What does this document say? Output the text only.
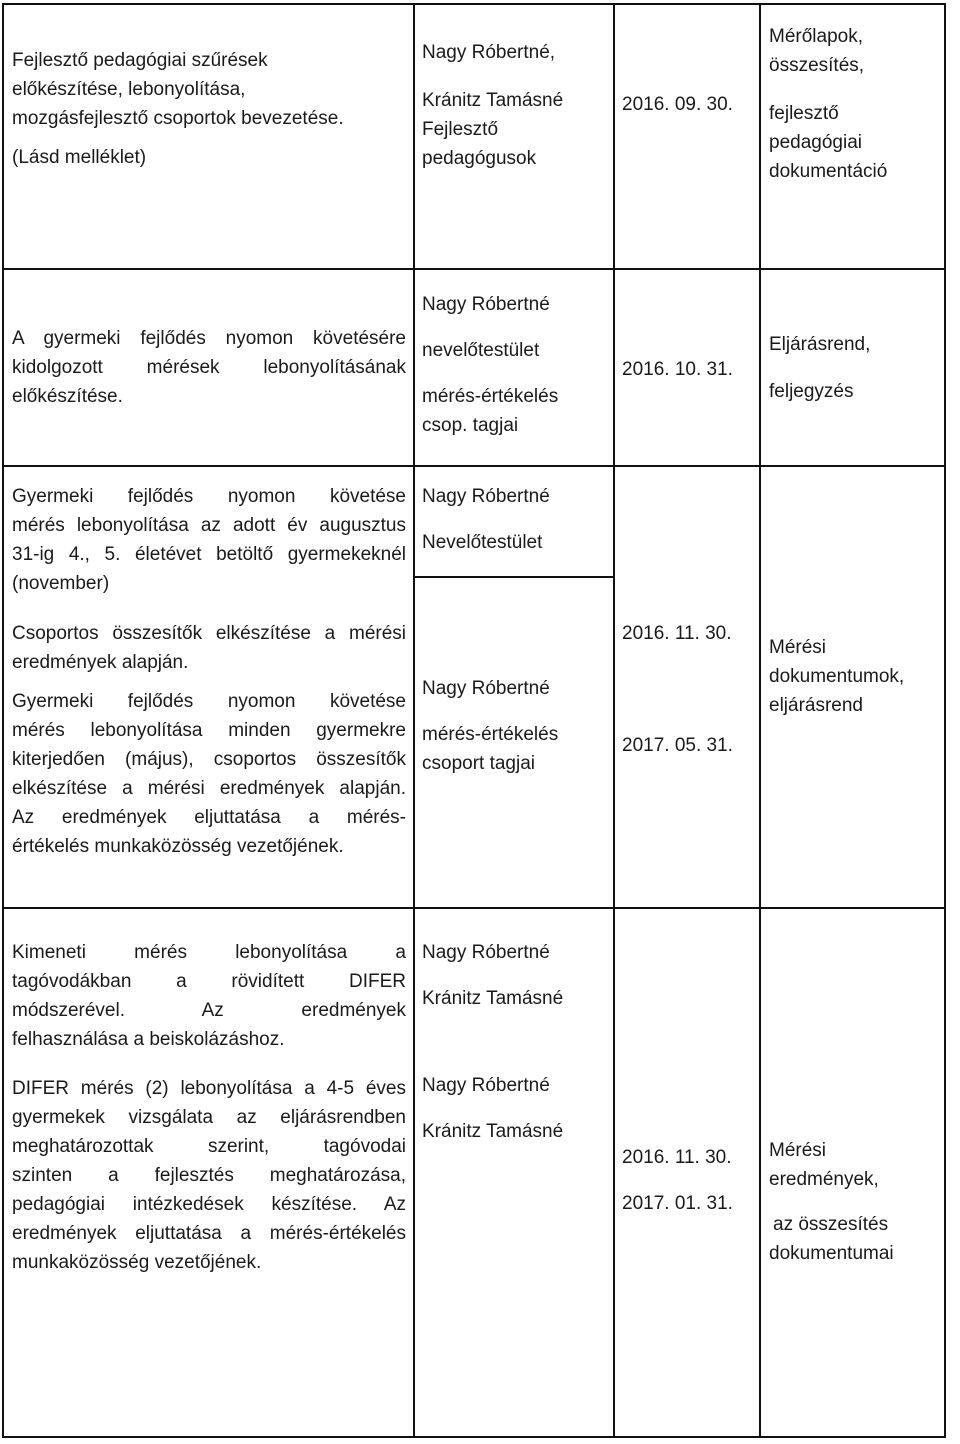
Fejlesztő pedagógiai szűrések
előkészítése, lebonyolítása,
mozgásfejlesztő csoportok bevezetése.
(Lásd melléklet)
Nagy Róbertné,
Kránitz Tamásné
Fejlesztő
pedagógusok
2016. 09. 30.
Mérőlapok,
összesítés,
fejlesztő
pedagógiai
dokumentáció
A gyermeki fejlődés nyomon követésére
kidolgozott mérések lebonyolításának
előkészítése.
Nagy Róbertné
nevelőtestület
mérés-értékelés
csop. tagjai
2016. 10. 31.
Eljárásrend,
feljegyzés
Gyermeki fejlődés nyomon követése
mérés lebonyolítása az adott év augusztus
31-ig 4., 5. életévet betöltő gyermekeknél
(november)
Nagy Róbertné
Nevelőtestület
Csoportos összesítők elkészítése a mérési
eredmények alapján.
Gyermeki fejlődés nyomon követése
mérés lebonyolítása minden gyermekre
kiterjedően (május), csoportos összesítők
elkészítése a mérési eredmények alapján.
Az eredmények eljuttatása a mérés-
értékelés munkaközösség vezetőjének.
Nagy Róbertné
mérés-értékelés
csoport tagjai
2016. 11. 30.
2017. 05. 31.
Mérési
dokumentumok,
eljárásrend
Kimeneti mérés lebonyolítása a
tagóvodákban a rövidített DIFER
módszerével. Az eredmények
felhasználása a beiskolázáshoz.
Nagy Róbertné
Kránitz Tamásné
DIFER mérés (2) lebonyolítása a 4-5 éves
gyermekek vizsgálata az eljárásrendben
meghatározottak szerint, tagóvodai
szinten a fejlesztés meghatározása,
pedagógiai intézkedések készítése. Az
eredmények eljuttatása a mérés-értékelés
munkaközösség vezetőjének.
Nagy Róbertné
Kránitz Tamásné
2016. 11. 30.
2017. 01. 31.
Mérési
eredmények,
az összesítés
dokumentumai
